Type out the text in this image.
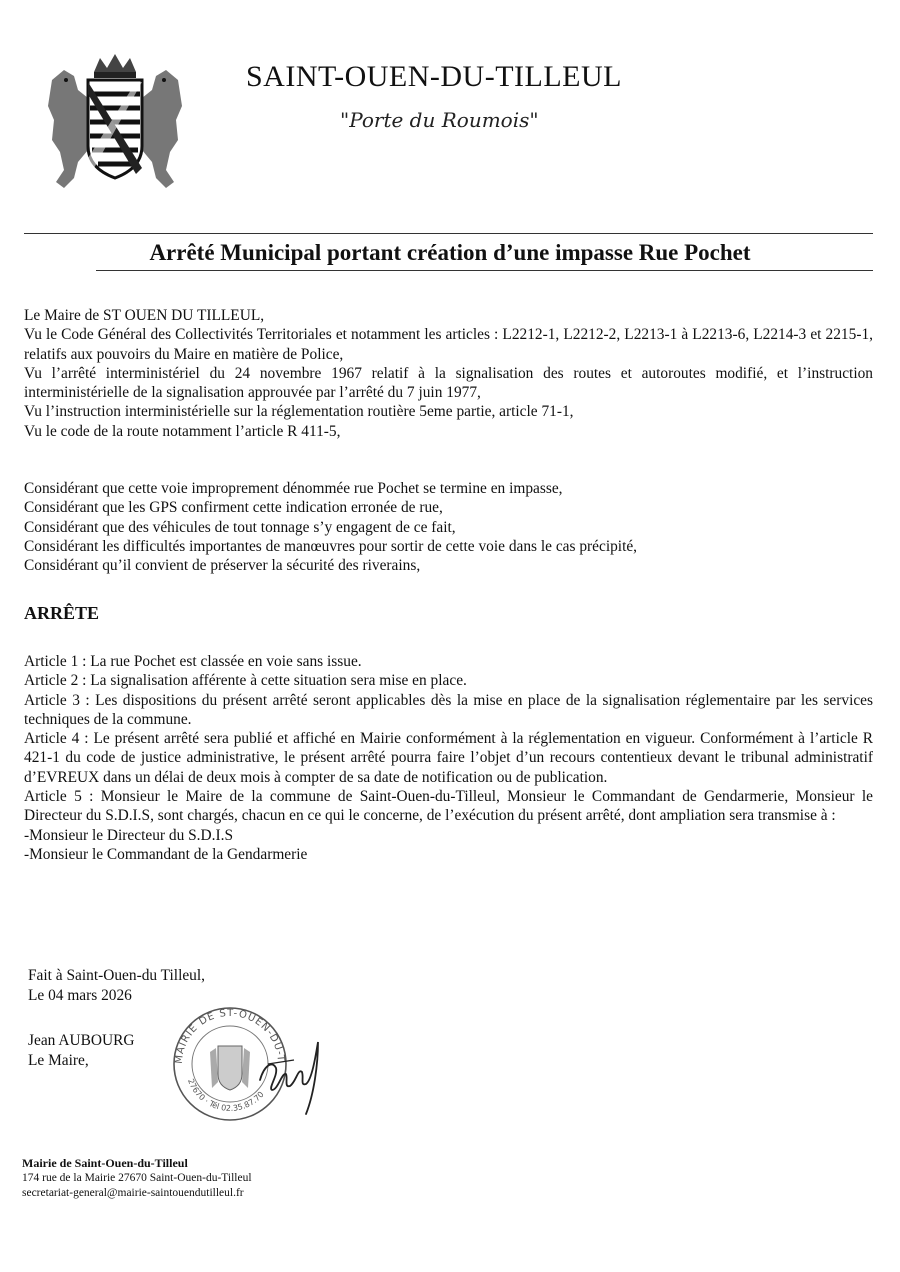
SAINT-OUEN-DU-TILLEUL
"Porte du Roumois"
Arrêté Municipal portant création d’une impasse Rue Pochet

Le Maire de ST OUEN DU TILLEUL,

Vu le Code Général des Collectivités Territoriales et notamment les articles : L2212-1, L2212-2, L2213-1 à L2213-6, L2214-3 et 2215-1, relatifs aux pouvoirs du Maire en matière de Police,

Vu l’arrêté interministériel du 24 novembre 1967 relatif à la signalisation des routes et autoroutes modifié, et l’instruction interministérielle de la signalisation approuvée par l’arrêté du 7 juin 1977,

Vu l’instruction interministérielle sur la réglementation routière 5eme partie, article 71-1,

Vu le code de la route notamment l’article R 411-5,

Considérant que cette voie improprement dénommée rue Pochet se termine en impasse,

Considérant que les GPS confirment cette indication erronée de rue,

Considérant que des véhicules de tout tonnage s’y engagent de ce fait,

Considérant les difficultés importantes de manœuvres pour sortir de cette voie dans le cas précipité,

Considérant qu’il convient de préserver la sécurité des riverains,

ARRÊTE

Article 1 : La rue Pochet est classée en voie sans issue.

Article 2 : La signalisation afférente à cette situation sera mise en place.

Article 3 : Les dispositions du présent arrêté seront applicables dès la mise en place de la signalisation réglementaire par les services techniques de la commune.

Article 4 : Le présent arrêté sera publié et affiché en Mairie conformément à la réglementation en vigueur. Conformément à l’article R 421-1 du code de justice administrative, le présent arrêté pourra faire l’objet d’un recours contentieux devant le tribunal administratif d’EVREUX dans un délai de deux mois à compter de sa date de notification ou de publication.

Article 5 : Monsieur le Maire de la commune de Saint-Ouen-du-Tilleul, Monsieur le Commandant de Gendarmerie, Monsieur le Directeur du S.D.I.S, sont chargés, chacun en ce qui le concerne, de l’exécution du présent arrêté, dont ampliation sera transmise à :

-Monsieur le Directeur du S.D.I.S

-Monsieur le Commandant de la Gendarmerie

Fait à Saint-Ouen-du Tilleul,

Le 04 mars 2026

Jean AUBOURG

Le Maire,	MAIRIE DE ST-OUEN-DU-T
27670 · Tél 02.35.87.70

Mairie de Saint-Ouen-du-Tilleul

174 rue de la Mairie 27670 Saint-Ouen-du-Tilleul

secretariat-general@mairie-saintouendutilleul.fr
